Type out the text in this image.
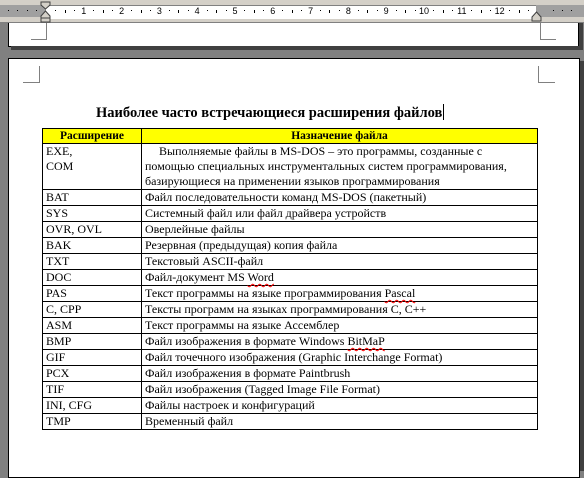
1	2	3	4	5	6	7	8	9	10	11	12
Наиболее часто встречающиеся расширения файлов
Расширение	Назначение файла

EXE,
COM	Выполняемые файлы в MS-DOS – это программы, созданные с помощью специальных инструментальных систем программирования, базирующиеся на применении языков программирования

BAT	Файл последовательности команд MS-DOS (пакетный)

SYS	Системный файл или файл драйвера устройств

OVR, OVL	Оверлейные файлы

BAK	Резервная (предыдущая) копия файла

TXT	Текстовый ASCII-файл

DOC	Файл-документ MS Word

PAS	Текст программы на языке программирования Pascal

C, CPP	Тексты программ на языках программирования С, С++

ASM	Текст программы на языке Ассемблер

BMP	Файл изображения в формате Windows BitMaP

GIF	Файл точечного изображения (Graphic Interchange Format)

PCX	Файл изображения в формате Paintbrush

TIF	Файл изображения (Tagged Image File Format)

INI, CFG	Файлы настроек и конфигураций

TMP	Временный файл
